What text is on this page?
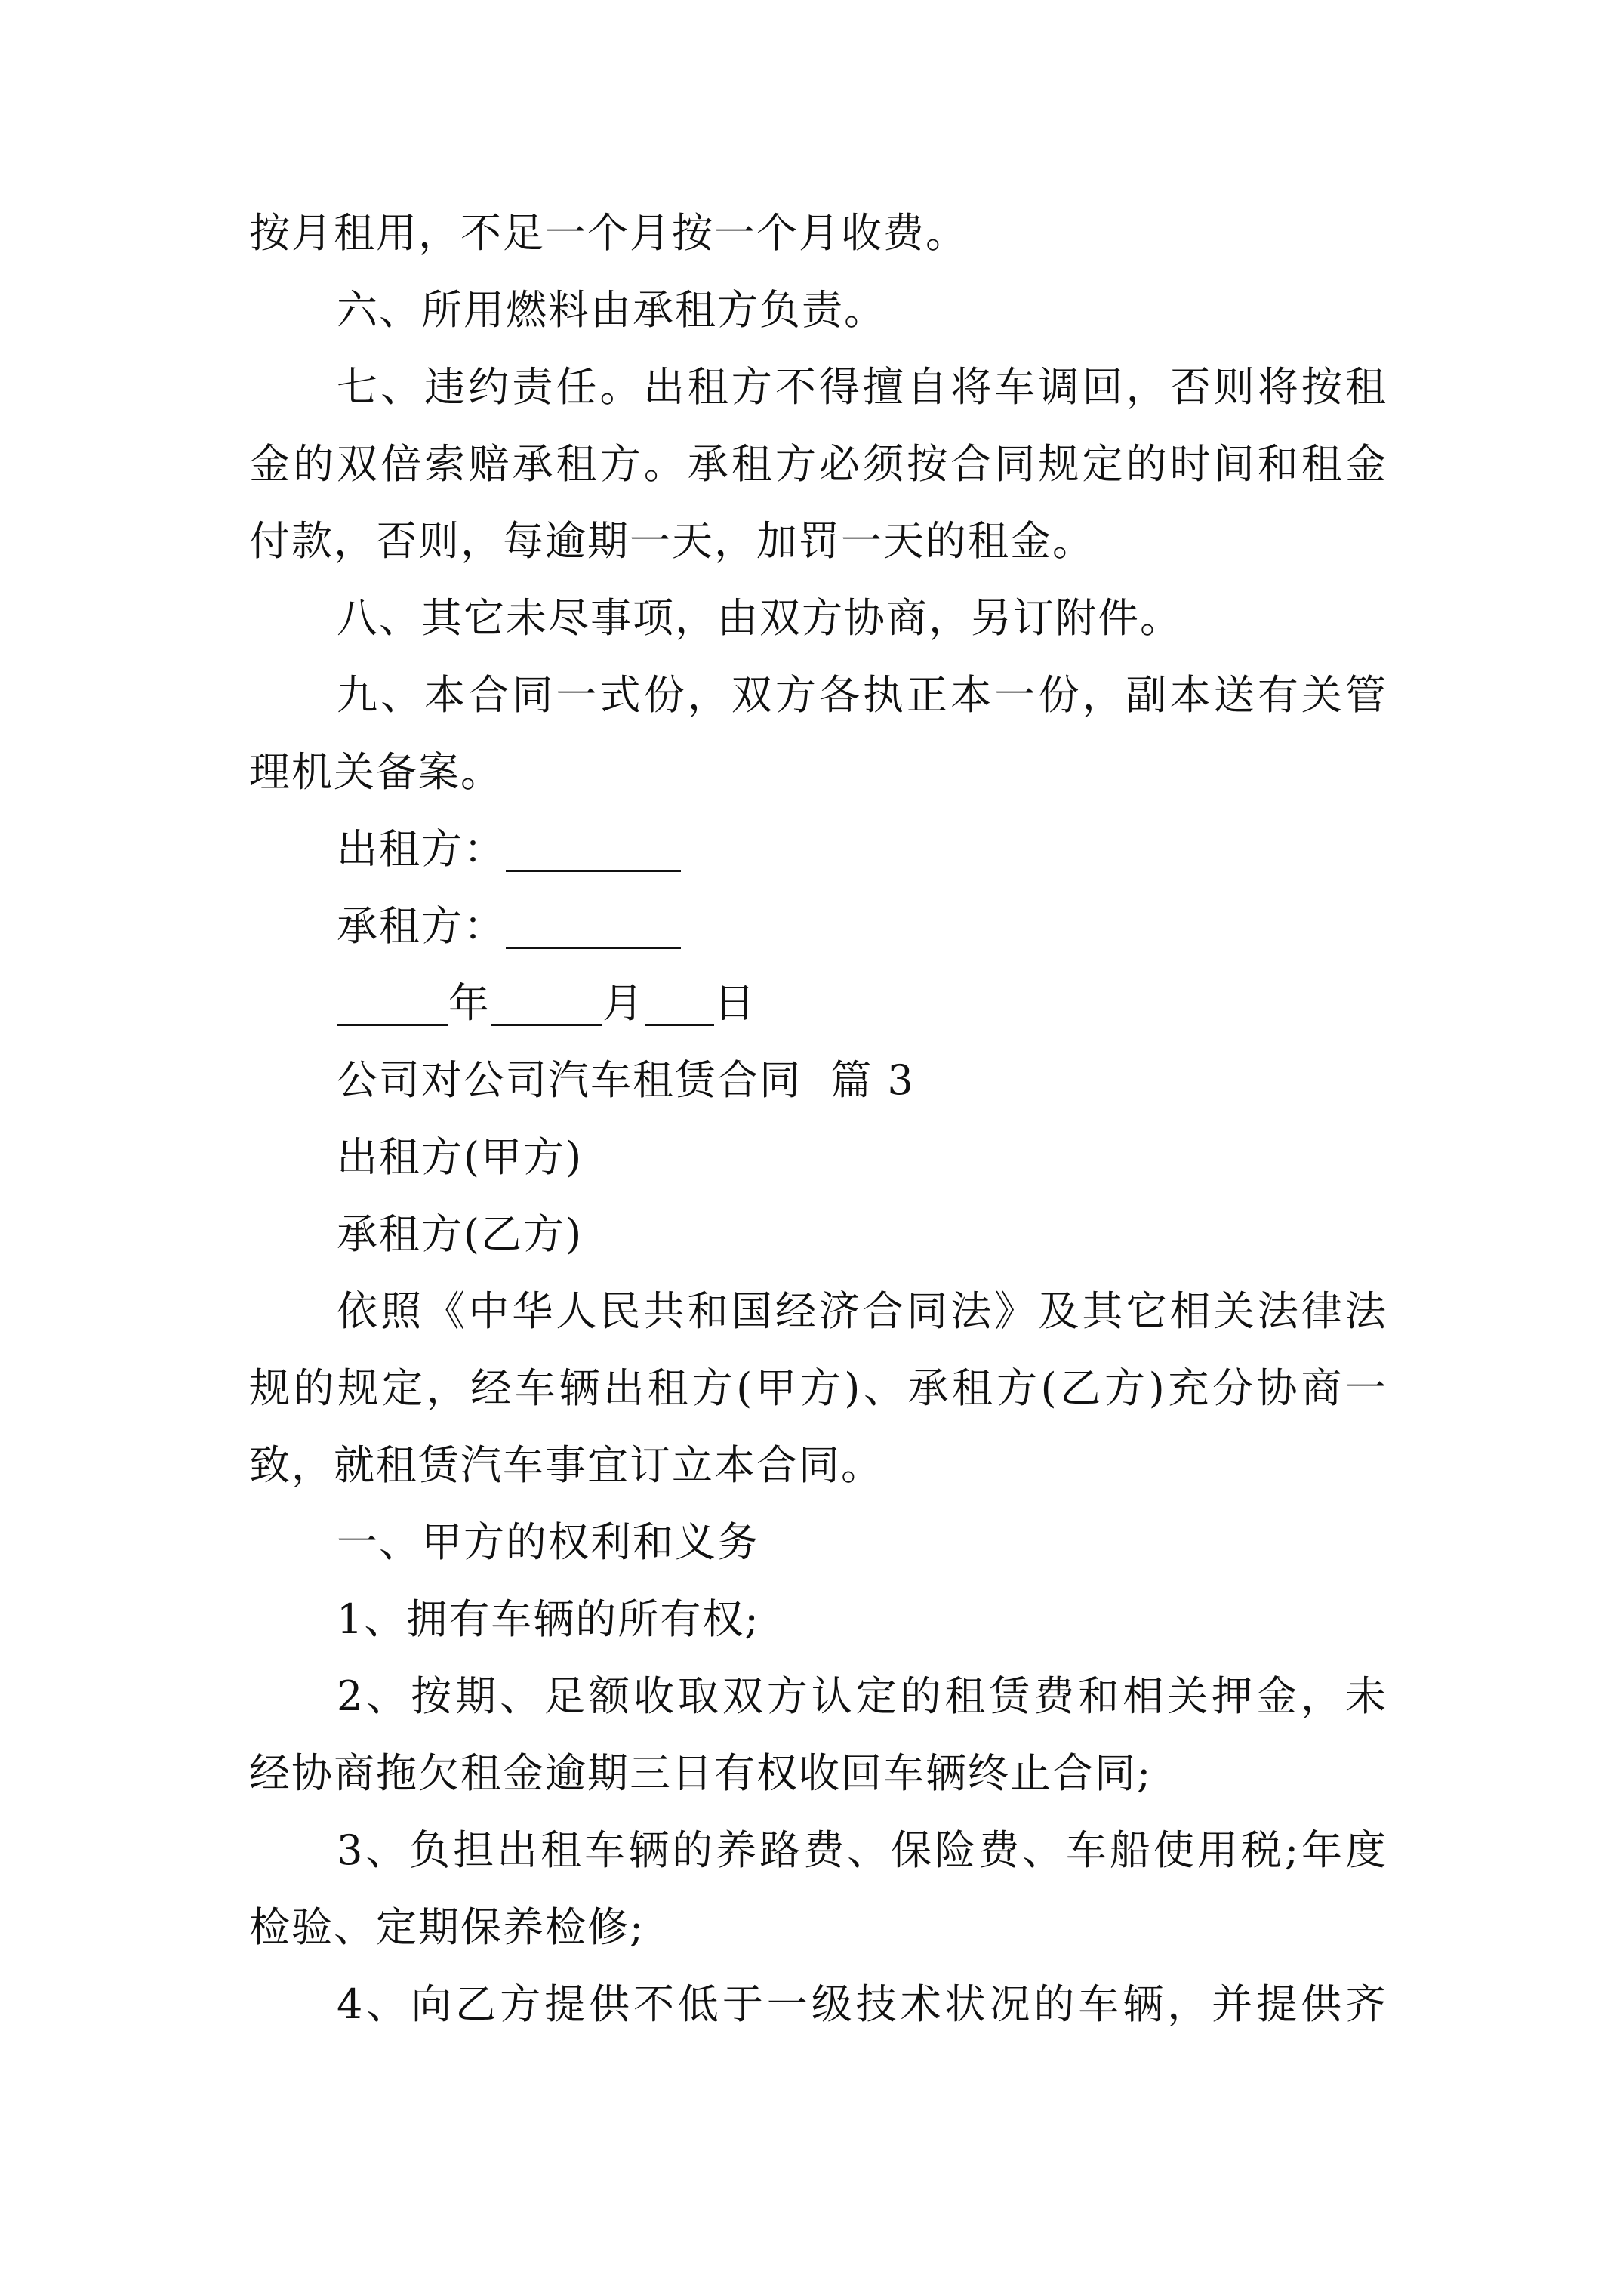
按月租用，不足一个月按一个月收费。
六、所用燃料由承租方负责。
七、违约责任。出租方不得擅自将车调回，否则将按租
金的双倍索赔承租方。承租方必须按合同规定的时间和租金
付款，否则，每逾期一天，加罚一天的租金。
八、其它未尽事项，由双方协商，另订附件。
九、本合同一式份，双方各执正本一份，副本送有关管
理机关备案。
出租方：
承租方：
年	月 日
公司对公司汽车租赁合同  篇 3
出租方(甲方)
承租方(乙方)
依照《中华人民共和国经济合同法》及其它相关法律法
规的规定，经车辆出租方(甲方)、承租方(乙方)充分协商一
致，就租赁汽车事宜订立本合同。
一、甲方的权利和义务
1、拥有车辆的所有权;
2、按期、足额收取双方认定的租赁费和相关押金，未
经协商拖欠租金逾期三日有权收回车辆终止合同;
3、负担出租车辆的养路费、保险费、车船使用税;年度
检验、定期保养检修;
4、向乙方提供不低于一级技术状况的车辆，并提供齐
